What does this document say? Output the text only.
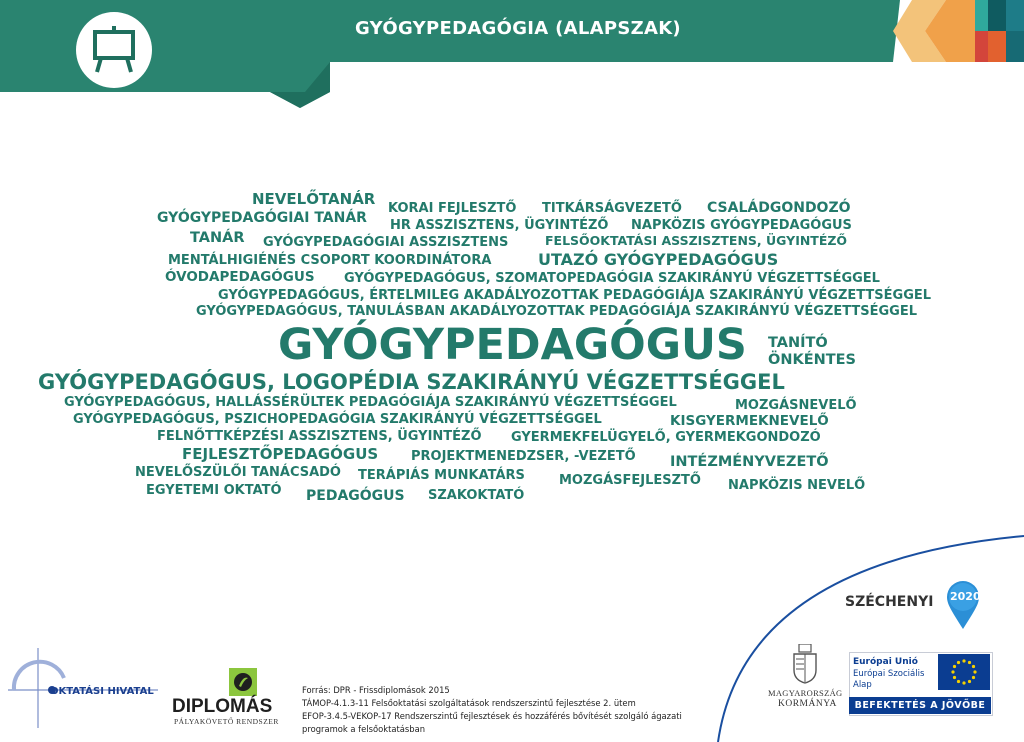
GYÓGYPEDAGÓGIA (ALAPSZAK)
NEVELŐTANÁR
GYÓGYPEDAGÓGIAI TANÁR
TANÁR
KORAI FEJLESZTŐ TITKÁRSÁGVEZETŐ CSALÁDGONDOZÓ
HR ASSZISZTENS, ÜGYINTÉZŐ NAPKÖZIS GYÓGYPEDAGÓGUS
GYÓGYPEDAGÓGIAI ASSZISZTENS	FELSŐOKTATÁSI ASSZISZTENS, ÜGYINTÉZŐ
MENTÁLHIGIÉNÉS CSOPORT KOORDINÁTORA	UTAZÓ GYÓGYPEDAGÓGUS
ÓVODAPEDAGÓGUS GYÓGYPEDAGÓGUS, SZOMATOPEDAGÓGIA SZAKIRÁNYÚ VÉGZETTSÉGGEL
GYÓGYPEDAGÓGUS, ÉRTELMILEG AKADÁLYOZOTTAK PEDAGÓGIÁJA SZAKIRÁNYÚ VÉGZETTSÉGGEL
GYÓGYPEDAGÓGUS, TANULÁSBAN AKADÁLYOZOTTAK PEDAGÓGIÁJA SZAKIRÁNYÚ VÉGZETTSÉGGEL
GYÓGYPEDAGÓGUS TANÍTÓ
ÖNKÉNTES
GYÓGYPEDAGÓGUS, LOGOPÉDIA SZAKIRÁNYÚ VÉGZETTSÉGGEL
GYÓGYPEDAGÓGUS, HALLÁSSÉRÜLTEK PEDAGÓGIÁJA SZAKIRÁNYÚ VÉGZETTSÉGGEL	MOZGÁSNEVELŐ
GYÓGYPEDAGÓGUS, PSZICHOPEDAGÓGIA SZAKIRÁNYÚ VÉGZETTSÉGGEL	KISGYERMEKNEVELŐ
FELNŐTTKÉPZÉSI ASSZISZTENS, ÜGYINTÉZŐ GYERMEKFELÜGYELŐ, GYERMEKGONDOZÓ
FEJLESZTŐPEDAGÓGUS	PROJEKTMENEDZSER, -VEZETŐ INTÉZMÉNYVEZETŐ
NEVELŐSZÜLŐI TANÁCSADÓ TERÁPIÁS MUNKATÁRS	MOZGÁSFEJLESZTŐ NAPKÖZIS NEVELŐ
EGYETEMI OKTATÓ PEDAGÓGUS SZAKOKTATÓ
OKTATÁSI HIVATAL
DIPLOMÁS
PÁLYAKÖVETŐ RENDSZER
Forrás: DPR - Frissdiplomások 2015
TÁMOP-4.1.3-11 Felsőoktatási szolgáltatások rendszerszintű fejlesztése 2. ütem
EFOP-3.4.5-VEKOP-17 Rendszerszintű fejlesztések és hozzáférés bővítését szolgáló ágazati
programok a felsőoktatásban
SZÉCHENYI 2020
MAGYARORSZÁG
KORMÁNYA
Európai Unió
Európai Szociális
Alap
BEFEKTETÉS A JÖVŐBE
